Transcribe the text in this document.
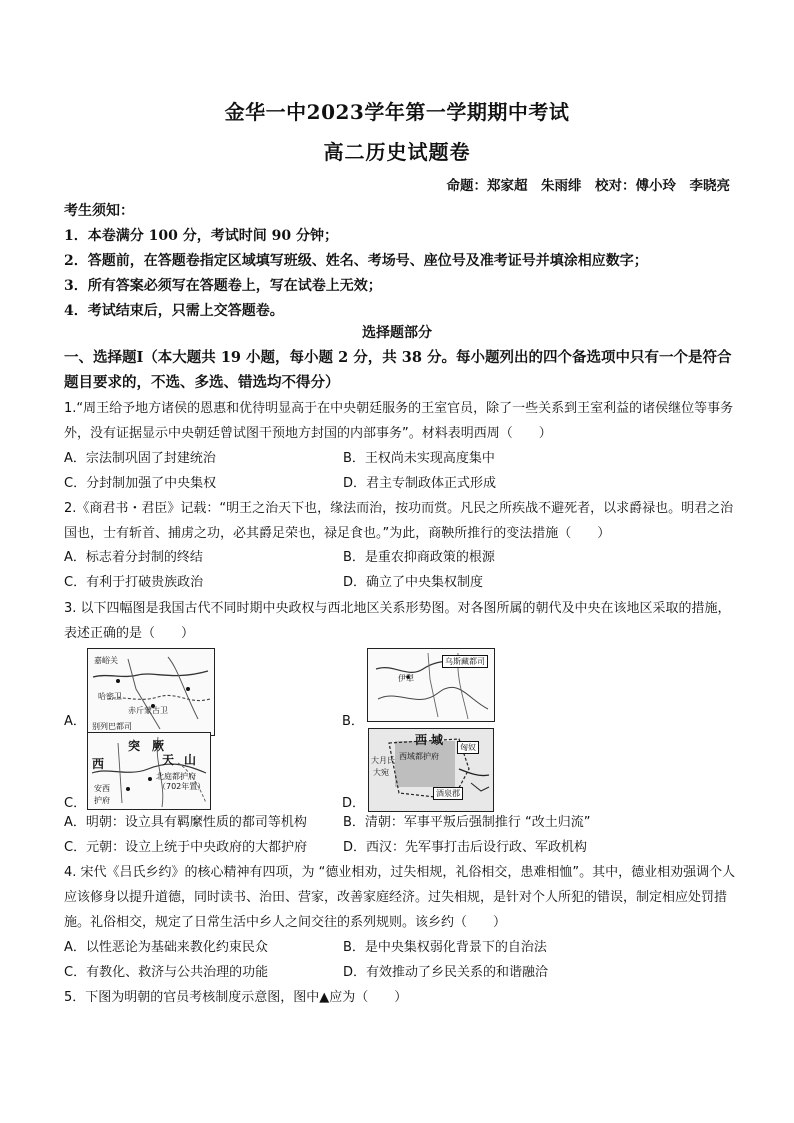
金华一中2023学年第一学期期中考试
高二历史试题卷
命题：郑家超　朱雨绯　校对：傅小玲　李晓亮
考生须知：
1．本卷满分 100 分，考试时间 90 分钟；
2．答题前，在答题卷指定区域填写班级、姓名、考场号、座位号及准考证号并填涂相应数字；
3．所有答案必须写在答题卷上，写在试卷上无效；
4．考试结束后，只需上交答题卷。
选择题部分
一、选择题Ⅰ（本大题共 19 小题，每小题 2 分，共 38 分。每小题列出的四个备选项中只有一个是符合题目要求的，不选、多选、错选均不得分）
1.“周王给予地方诸侯的恩惠和优待明显高于在中央朝廷服务的王室官员，除了一些关系到王室利益的诸侯继位等事务外，没有证据显示中央朝廷曾试图干预地方封国的内部事务”。材料表明西周（　　）
A．宗法制巩固了封建统治	B．王权尚未实现高度集中
C．分封制加强了中央集权	D．君主专制政体正式形成
2.《商君书・君臣》记载：“明王之治天下也，缘法而治，按功而赏。凡民之所疾战不避死者，以求爵禄也。明君之治国也，士有斩首、捕虏之功，必其爵足荣也，禄足食也。”为此，商鞅所推行的变法措施（　　）
A．标志着分封制的终结	B．是重农抑商政策的根源
C．有利于打破贵族政治	D．确立了中央集权制度
3. 以下四幅图是我国古代不同时期中央政权与西北地区关系形势图。对各图所属的朝代及中央在该地区采取的措施，表述正确的是（　　）
A．
嘉峪关
哈密卫
赤斤蒙古卫
别列巴都司	B．
乌斯藏都司
伊犁
C．
突 厥
西	天 山
北庭都护府
（702年置）
安西
护府	D．
西 域
西域都护府
匈奴
酒泉郡
大月氏
大宛
A．明朝：设立具有羁縻性质的都司等机构	B．清朝：军事平叛后强制推行 “改土归流”
C．元朝：设立上统于中央政府的大都护府	D．西汉：先军事打击后设行政、军政机构
4. 宋代《吕氏乡约》的核心精神有四项，为 “德业相劝，过失相规，礼俗相交，患难相恤”。其中，德业相劝强调个人应该修身以提升道德，同时读书、治田、营家，改善家庭经济。过失相规，是针对个人所犯的错误，制定相应处罚措施。礼俗相交，规定了日常生活中乡人之间交往的系列规则。该乡约（　　）
A．以性恶论为基础来教化约束民众	B．是中央集权弱化背景下的自治法
C．有教化、救济与公共治理的功能	D．有效推动了乡民关系的和谐融洽
5．下图为明朝的官员考核制度示意图，图中▲应为（　　）
